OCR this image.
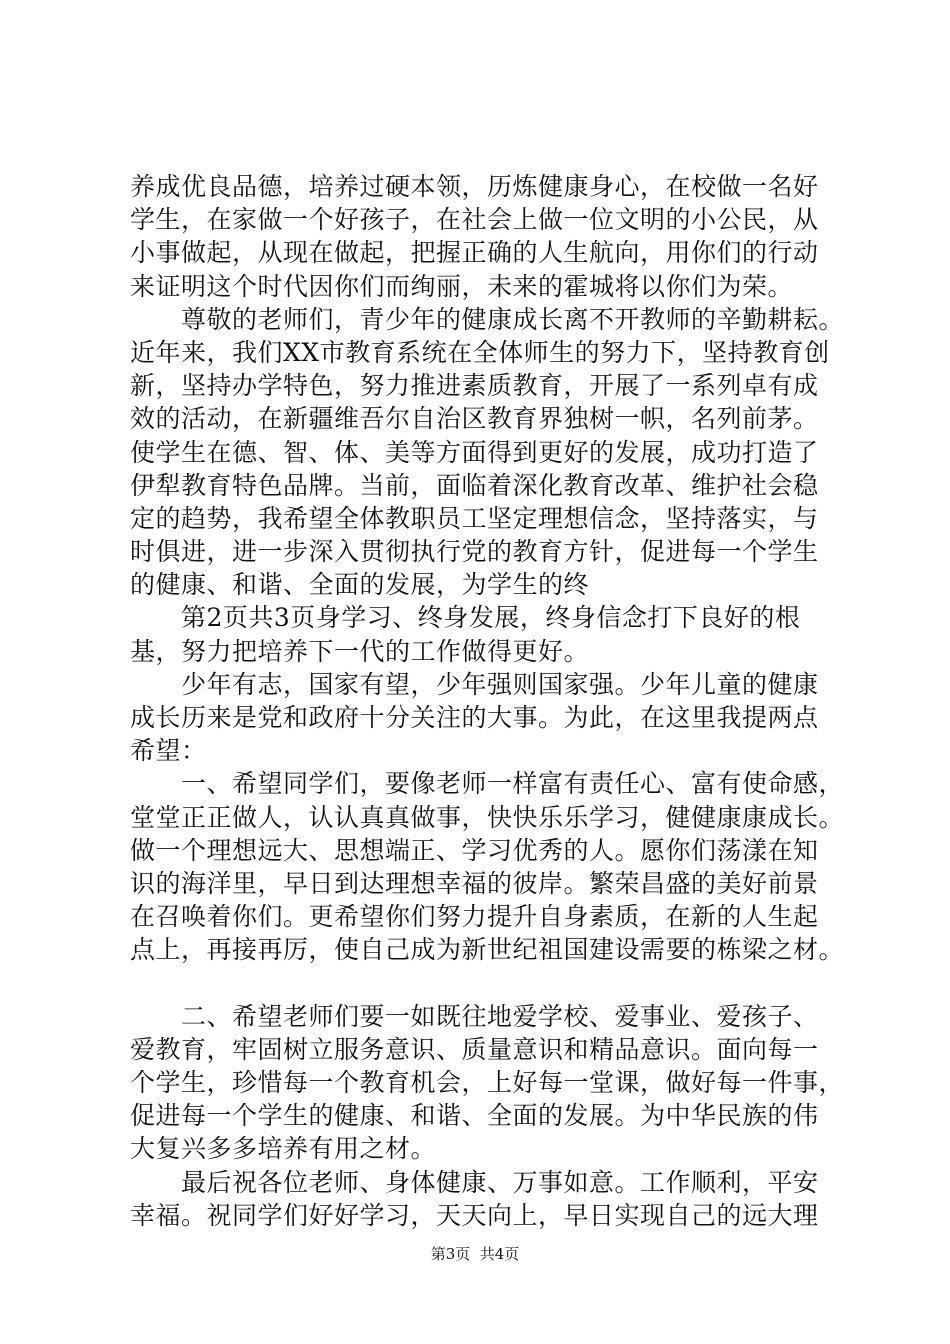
养成优良品德，培养过硬本领，历炼健康身心，在校做一名好
学生，在家做一个好孩子，在社会上做一位文明的小公民，从
小事做起，从现在做起，把握正确的人生航向，用你们的行动
来证明这个时代因你们而绚丽，未来的霍城将以你们为荣。
　　尊敬的老师们，青少年的健康成长离不开教师的辛勤耕耘。
近年来，我们XX市教育系统在全体师生的努力下，坚持教育创
新，坚持办学特色，努力推进素质教育，开展了一系列卓有成
效的活动，在新疆维吾尔自治区教育界独树一帜，名列前茅。
使学生在德、智、体、美等方面得到更好的发展，成功打造了
伊犁教育特色品牌。当前，面临着深化教育改革、维护社会稳
定的趋势，我希望全体教职员工坚定理想信念，坚持落实，与
时俱进，进一步深入贯彻执行党的教育方针，促进每一个学生
的健康、和谐、全面的发展，为学生的终
　　第2页共3页身学习、终身发展，终身信念打下良好的根
基，努力把培养下一代的工作做得更好。
　　少年有志，国家有望，少年强则国家强。少年儿童的健康
成长历来是党和政府十分关注的大事。为此，在这里我提两点
希望：
　　一、希望同学们，要像老师一样富有责任心、富有使命感，
堂堂正正做人，认认真真做事，快快乐乐学习，健健康康成长。
做一个理想远大、思想端正、学习优秀的人。愿你们荡漾在知
识的海洋里，早日到达理想幸福的彼岸。繁荣昌盛的美好前景
在召唤着你们。更希望你们努力提升自身素质，在新的人生起
点上，再接再厉，使自己成为新世纪祖国建设需要的栋梁之材。
　　二、希望老师们要一如既往地爱学校、爱事业、爱孩子、
爱教育，牢固树立服务意识、质量意识和精品意识。面向每一
个学生，珍惜每一个教育机会，上好每一堂课，做好每一件事，
促进每一个学生的健康、和谐、全面的发展。为中华民族的伟
大复兴多多培养有用之材。
　　最后祝各位老师、身体健康、万事如意。工作顺利，平安
幸福。祝同学们好好学习，天天向上，早日实现自己的远大理
第3页  共4页
